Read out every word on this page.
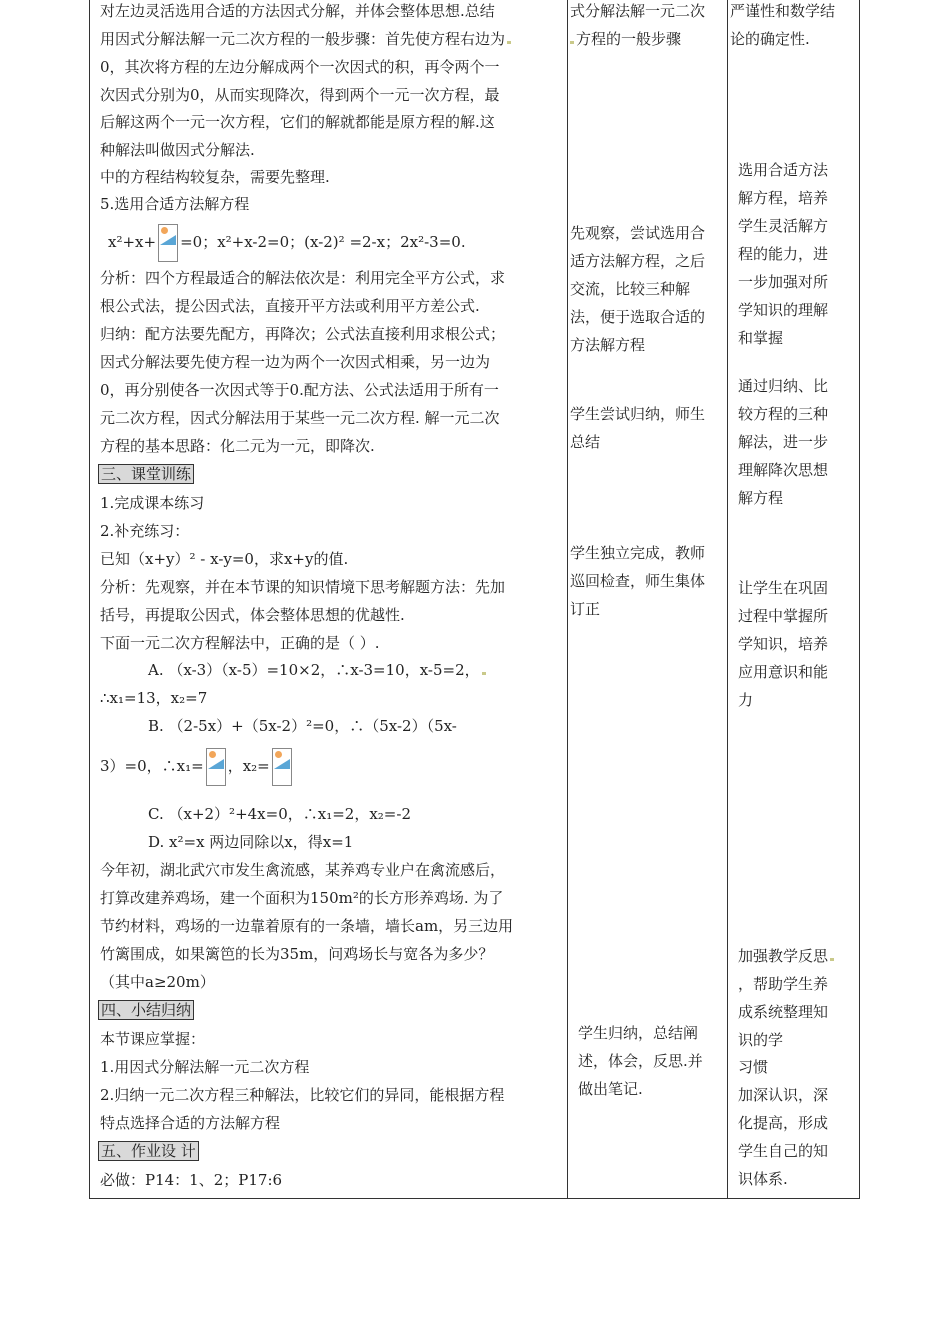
对左边灵活选用合适的方法因式分解，并体会整体思想.总结
用因式分解法解一元二次方程的一般步骤：首先使方程右边为
0，其次将方程的左边分解成两个一次因式的积，再令两个一
次因式分别为0，从而实现降次，得到两个一元一次方程，最
后解这两个一元一次方程，它们的解就都能是原方程的解.这
种解法叫做因式分解法.
中的方程结构较复杂，需要先整理.
5.选用合适方法解方程
x²+x+ =0；x²+x-2=0；(x-2)² =2-x；2x²-3=0.
分析：四个方程最适合的解法依次是：利用完全平方公式，求
根公式法，提公因式法，直接开平方法或利用平方差公式.
归纳：配方法要先配方，再降次；公式法直接利用求根公式；
因式分解法要先使方程一边为两个一次因式相乘，另一边为
0，再分别使各一次因式等于0.配方法、公式法适用于所有一
元二次方程，因式分解法用于某些一元二次方程. 解一元二次
方程的基本思路：化二元为一元，即降次.
三、课堂训练
1.完成课本练习
2.补充练习：
已知（x+y）² - x-y=0，求x+y的值.
分析：先观察，并在本节课的知识情境下思考解题方法：先加
括号，再提取公因式，体会整体思想的优越性.
下面一元二次方程解法中，正确的是（ ）.
A. （x-3）（x-5）=10×2，∴x-3=10，x-5=2，
∴x₁=13，x₂=7
B. （2-5x）+（5x-2）²=0，∴（5x-2）（5x-
3）=0，∴x₁= ，x₂=
C. （x+2）²+4x=0，∴x₁=2，x₂=-2
D. x²=x 两边同除以x，得x=1
今年初，湖北武穴市发生禽流感，某养鸡专业户在禽流感后，
打算改建养鸡场，建一个面积为150m²的长方形养鸡场. 为了
节约材料，鸡场的一边靠着原有的一条墙，墙长am，另三边用
竹篱围成，如果篱笆的长为35m，问鸡场长与宽各为多少？
（其中a≥20m）
四、小结归纳
本节课应掌握：
1.用因式分解法解一元二次方程
2.归纳一元二次方程三种解法，比较它们的异同，能根据方程
特点选择合适的方法解方程
五、作业设 计
必做：P14：1、2；P17:6
式分解法解一元二次
方程的一般步骤
先观察，尝试选用合
适方法解方程，之后
交流，比较三种解
法，便于选取合适的
方法解方程
学生尝试归纳，师生
总结
学生独立完成，教师
巡回检查，师生集体
订正
学生归纳，总结阐
述，体会，反思.并
做出笔记.
严谨性和数学结
论的确定性.
选用合适方法
解方程，培养
学生灵活解方
程的能力，进
一步加强对所
学知识的理解
和掌握
通过归纳、比
较方程的三种
解法，进一步
理解降次思想
解方程
让学生在巩固
过程中掌握所
学知识，培养
应用意识和能
力
加强教学反思
，帮助学生养
成系统整理知
识的学
习惯
加深认识，深
化提高，形成
学生自己的知
识体系.
